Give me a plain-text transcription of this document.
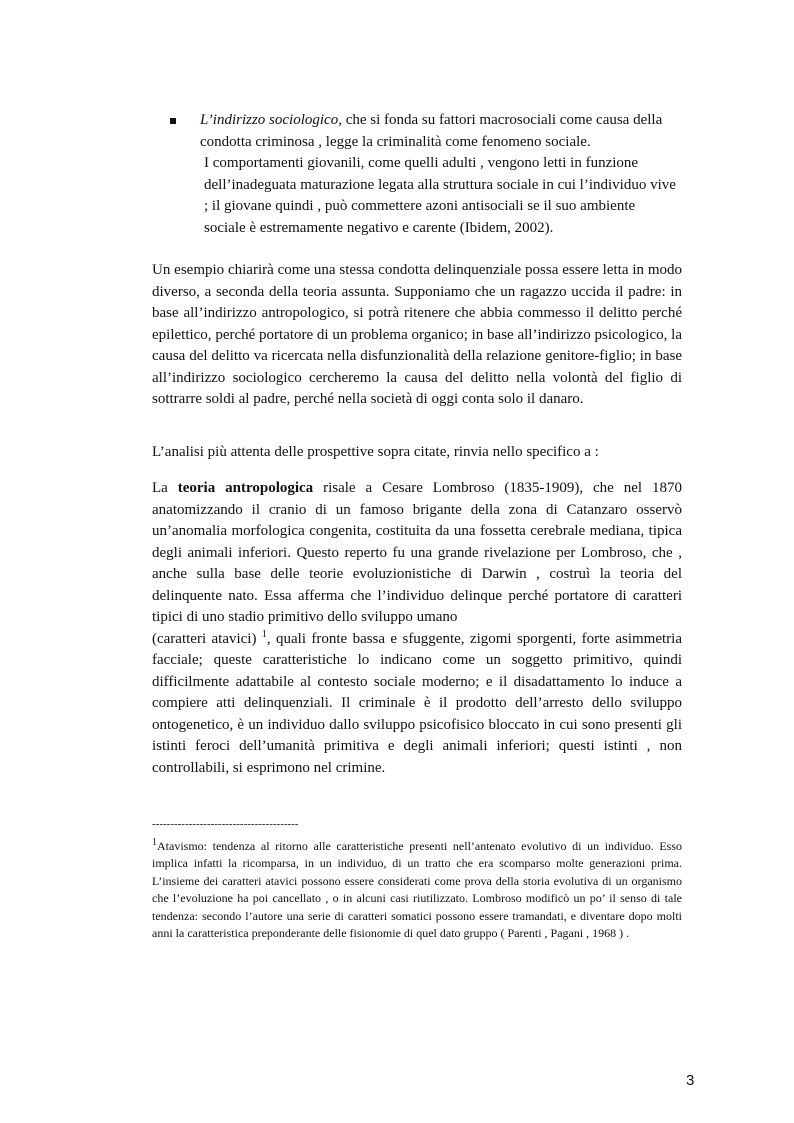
L’indirizzo sociologico, che si fonda su fattori macrosociali come causa della condotta criminosa , legge la criminalità come fenomeno sociale.
I comportamenti giovanili, come quelli adulti , vengono letti in funzione dell’inadeguata maturazione legata alla struttura sociale in cui l’individuo vive ; il giovane quindi , può commettere azoni antisociali se il suo ambiente sociale è estremamente negativo e carente (Ibidem, 2002).

Un esempio chiarirà come una stessa condotta delinquenziale possa essere letta in modo diverso, a seconda della teoria assunta. Supponiamo che un ragazzo uccida il padre: in base all’indirizzo antropologico, si potrà ritenere che abbia commesso il delitto perché epilettico, perché portatore di un problema organico; in base all’indirizzo psicologico, la causa del delitto va ricercata nella disfunzionalità della relazione genitore-figlio; in base all’indirizzo sociologico cercheremo la causa del delitto nella volontà del figlio di sottrarre soldi al padre, perché nella società di oggi conta solo il danaro.

L’analisi più attenta delle prospettive sopra citate, rinvia nello specifico a :

La teoria antropologica risale a Cesare Lombroso (1835-1909), che nel 1870 anatomizzando il cranio di un famoso brigante della zona di Catanzaro osservò un’anomalia morfologica congenita, costituita da una fossetta cerebrale mediana, tipica degli animali inferiori. Questo reperto fu una grande rivelazione per Lombroso, che , anche sulla base delle teorie evoluzionistiche di Darwin , costruì la teoria del delinquente nato. Essa afferma che l’individuo delinque perché portatore di caratteri tipici di uno stadio primitivo dello sviluppo umano
(caratteri atavici) $^1$, quali fronte bassa e sfuggente, zigomi sporgenti, forte asimmetria facciale; queste caratteristiche lo indicano come un soggetto primitivo, quindi difficilmente adattabile al contesto sociale moderno; e il disadattamento lo induce a compiere atti delinquenziali. Il criminale è il prodotto dell’arresto dello sviluppo ontogenetico, è un individuo dallo sviluppo psicofisico bloccato in cui sono presenti gli istinti feroci dell’umanità primitiva e degli animali inferiori; questi istinti , non controllabili, si esprimono nel crimine.

----------------------------------------

$^1$Atavismo: tendenza al ritorno alle caratteristiche presenti nell’antenato evolutivo di un individuo. Esso implica infatti la ricomparsa, in un individuo, di un tratto che era scomparso molte generazioni prima. L’insieme dei caratteri atavici possono essere considerati come prova della storia evolutiva di un organismo che l’evoluzione ha poi cancellato , o in alcuni casi riutilizzato. Lombroso modificò un po’ il senso di tale tendenza: secondo l’autore una serie di caratteri somatici possono essere tramandati, e diventare dopo molti anni la caratteristica preponderante delle fisionomie di quel dato gruppo ( Parenti , Pagani , 1968 ) .

3
